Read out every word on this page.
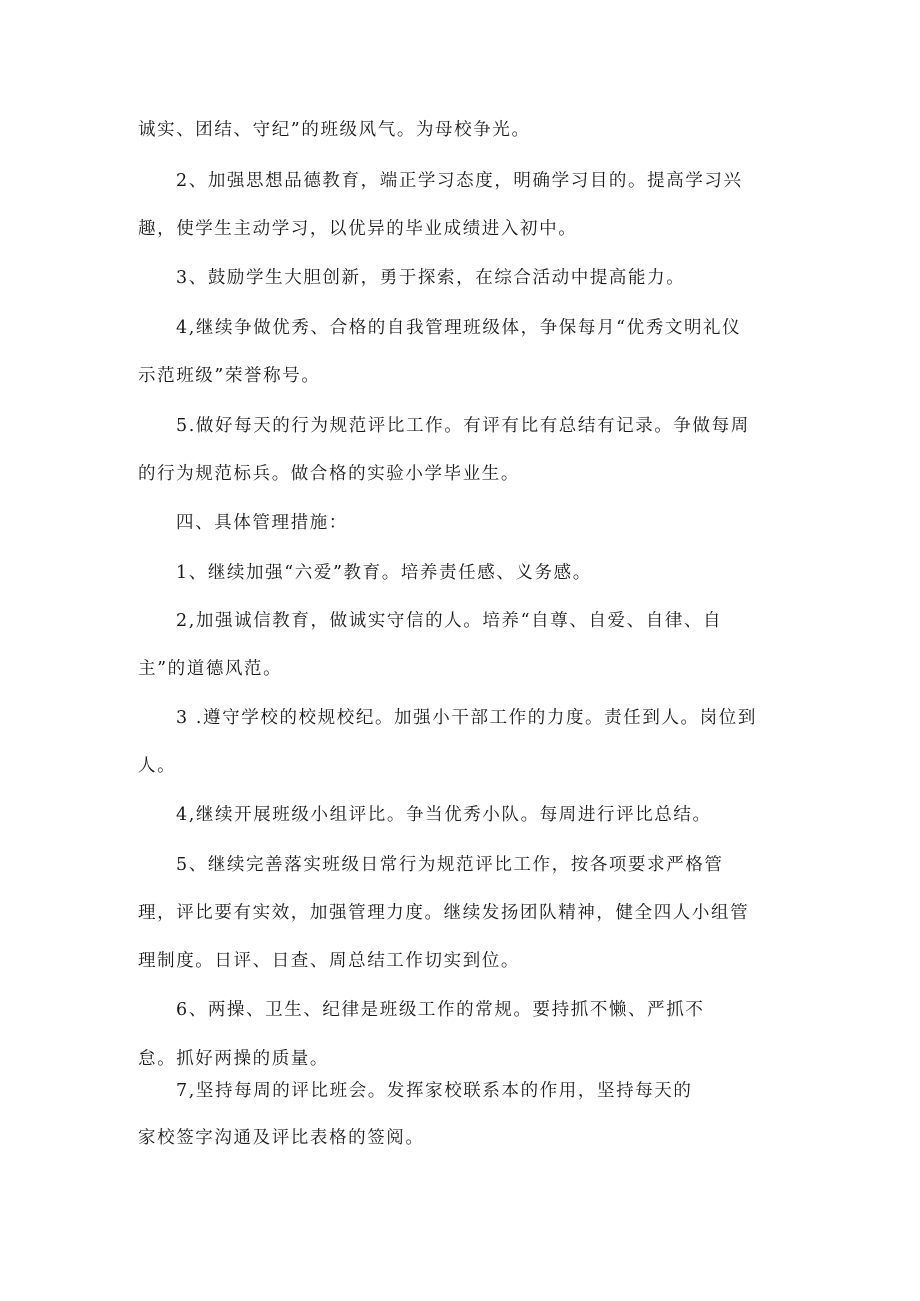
诚实、团结、守纪”的班级风气。为母校争光。
2、加强思想品德教育，端正学习态度，明确学习目的。提高学习兴
趣，使学生主动学习，以优异的毕业成绩进入初中。
3、鼓励学生大胆创新，勇于探索，在综合活动中提高能力。
4,继续争做优秀、合格的自我管理班级体，争保每月“优秀文明礼仪
示范班级”荣誉称号。
5.做好每天的行为规范评比工作。有评有比有总结有记录。争做每周
的行为规范标兵。做合格的实验小学毕业生。
四、具体管理措施：
1、继续加强“六爱”教育。培养责任感、义务感。
2,加强诚信教育，做诚实守信的人。培养“自尊、自爱、自律、自
主”的道德风范。
3 .遵守学校的校规校纪。加强小干部工作的力度。责任到人。岗位到
人。
4,继续开展班级小组评比。争当优秀小队。每周进行评比总结。
5、继续完善落实班级日常行为规范评比工作，按各项要求严格管
理，评比要有实效，加强管理力度。继续发扬团队精神，健全四人小组管
理制度。日评、日查、周总结工作切实到位。
6、两操、卫生、纪律是班级工作的常规。要持抓不懒、严抓不
怠。抓好两操的质量。
7,坚持每周的评比班会。发挥家校联系本的作用，坚持每天的
家校签字沟通及评比表格的签阅。
